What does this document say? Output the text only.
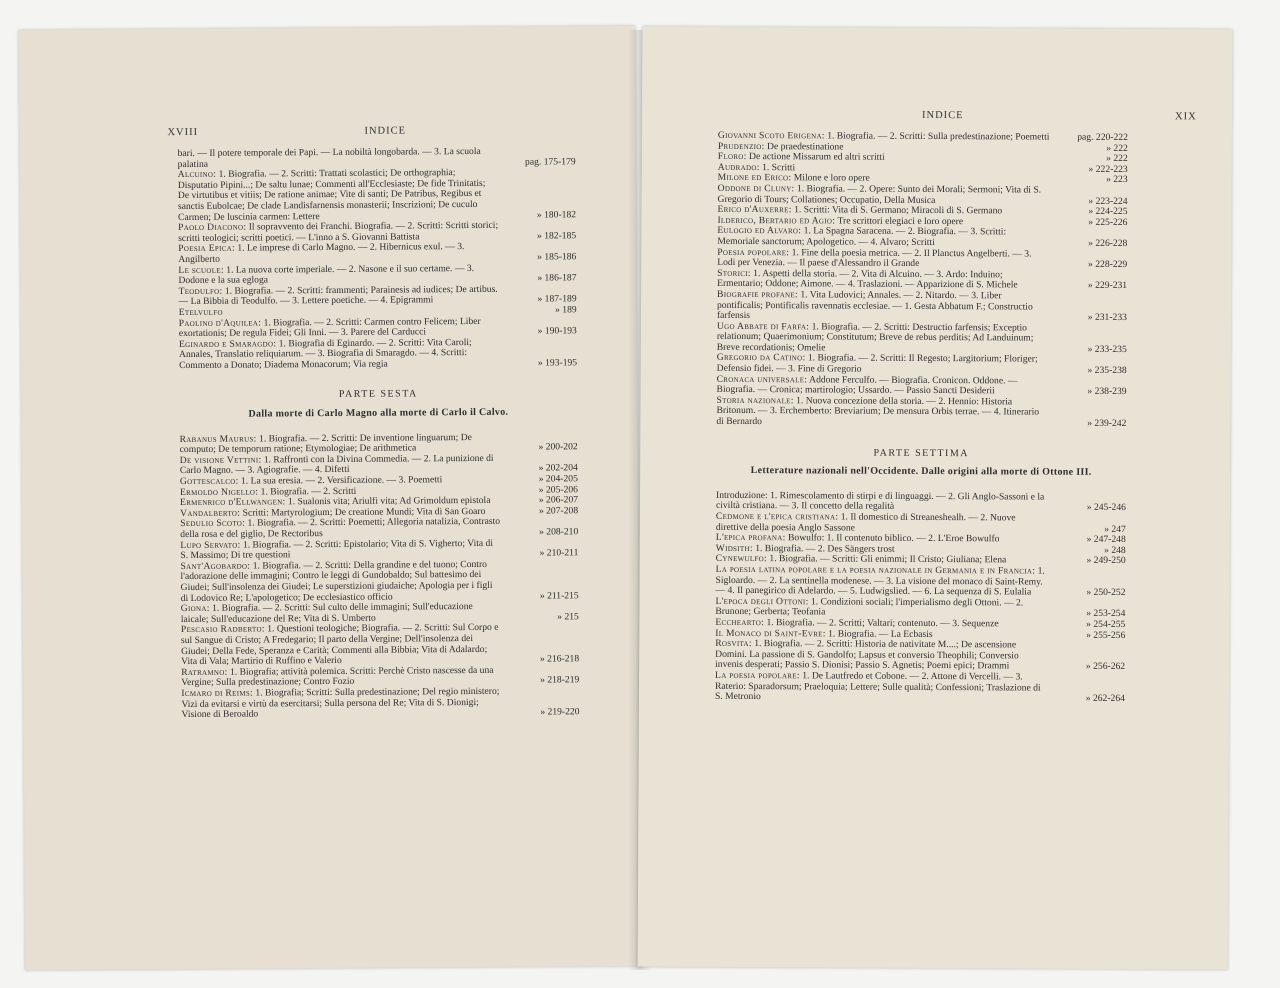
XVIII	INDICE
bari. — Il potere temporale dei Papi. — La nobiltà longobarda. — 3. La scuola palatina	pag. 175-179
Alcuino: 1. Biografia. — 2. Scritti: Trattati scolastici; De orthographia; Disputatio Pipini...; De saltu lunae; Commenti all'Ecclesiaste; De fide Trinitatis; De virtutibus et vitiis; De ratione animae; Vite di santi; De Patribus, Regibus et sanctis Eubolcae; De clade Landisfarnensis monasterii; Inscrizioni; De cuculo Carmen; De luscinia carmen: Lettere	» 180-182
Paolo Diacono: Il sopravvento dei Franchi. Biografia. — 2. Scritti: Scritti storici; scritti teologici; scritti poetici. — L'inno a S. Giovanni Battista	» 182-185
Poesia Epica: 1. Le imprese di Carlo Magno. — 2. Hibernicus exul. — 3. Angilberto	» 185-186
Le scuole: 1. La nuova corte imperiale. — 2. Nasone e il suo certame. — 3. Dodone e la sua egloga	» 186-187
Teodulfo: 1. Biografia. — 2. Scritti: frammenti; Parainesis ad iudices; De artibus. — La Bibbia di Teodulfo. — 3. Lettere poetiche. — 4. Epigrammi	» 187-189
Etelvulfo	» 189
Paolino d'Aquilea: 1. Biografia. — 2. Scritti: Carmen contro Felicem; Liber exortationis; De regula Fidei; Gli Inni. — 3. Parere del Carducci	» 190-193
Eginardo e Smaragdo: 1. Biografia di Eginardo. — 2. Scritti: Vita Caroli; Annales, Translatio reliquiarum. — 3. Biografia di Smaragdo. — 4. Scritti: Commento a Donato; Diadema Monacorum; Via regia	» 193-195
PARTE SESTA
Dalla morte di Carlo Magno alla morte di Carlo il Calvo.
Rabanus Maurus: 1. Biografia. — 2. Scritti: De inventione linguarum; De computo; De temporum ratione; Etymologiae; De arithmetica	» 200-202
De visione Vettini: 1. Raffronti con la Divina Commedia. — 2. La punizione di Carlo Magno. — 3. Agiografie. — 4. Difetti	» 202-204
Gottescalco: 1. La sua eresia. — 2. Versificazione. — 3. Poemetti	» 204-205
Ermoldo Nigello: 1. Biografia. — 2. Scritti	» 205-206
Ermenrico d'Ellwangen: 1. Sualonis vita; Ariulfi vita; Ad Grimoldum epistola	» 206-207
Vandalberto: Scritti: Martyrologium; De creatione Mundi; Vita di San Goaro	» 207-208
Sedulio Scoto: 1. Biografia. — 2. Scritti: Poemetti; Allegoria natalizia, Contrasto della rosa e del giglio, De Rectoribus	» 208-210
Lupo Servato: 1. Biografia. — 2. Scritti: Epistolario; Vita di S. Vigherto; Vita di S. Massimo; Di tre questioni	» 210-211
Sant'Agobardo: 1. Biografia. — 2. Scritti: Della grandine e del tuono; Contro l'adorazione delle immagini; Contro le leggi di Gundobaldo; Sul battesimo dei Giudei; Sull'insolenza dei Giudei; Le superstizioni giudaiche; Apologia per i figli di Lodovico Re; L'apologetico; De ecclesiastico officio	» 211-215
Giona: 1. Biografia. — 2. Scritti: Sul culto delle immagini; Sull'educazione laicale; Sull'educazione del Re; Vita di S. Umberto	» 215
Pescasio Radberto: 1. Questioni teologiche; Biografia. — 2. Scritti: Sul Corpo e sul Sangue di Cristo; A Fredegario; Il parto della Vergine; Dell'insolenza dei Giudei; Della Fede, Speranza e Carità; Commenti alla Bibbia; Vita di Adalardo; Vita di Vala; Martirio di Ruffino e Valerio	» 216-218
Ratramno: 1. Biografia; attività polemica. Scritti: Perchè Cristo nascesse da una Vergine; Sulla predestinazione; Contro Fozio	» 218-219
Icmaro di Reims: 1. Biografia; Scritti: Sulla predestinazione; Del regio ministero; Vizi da evitarsi e virtù da esercitarsi; Sulla persona del Re; Vita di S. Dionigi; Visione di Beroaldo	» 219-220
INDICE	XIX
Giovanni Scoto Erigena: 1. Biografia. — 2. Scritti: Sulla predestinazione; Poemetti	pag. 220-222
Prudenzio: De praedestinatione	» 222
Floro: De actione Missarum ed altri scritti	» 222
Audrado: 1. Scritti	» 222-223
Milone ed Erico: Milone e loro opere	» 223
Oddone di Cluny: 1. Biografia. — 2. Opere: Sunto dei Morali; Sermoni; Vita di S. Gregorio di Tours; Collationes; Occupatio, Della Musica	» 223-224
Erico d'Auxerre: 1. Scritti: Vita di S. Germano; Miracoli di S. Germano	» 224-225
Ilderico, Bertario ed Agio: Tre scrittori elegiaci e loro opere	» 225-226
Eulogio ed Alvaro: 1. La Spagna Saracena. — 2. Biografia. — 3. Scritti: Memoriale sanctorum; Apologetico. — 4. Alvaro; Scritti	» 226-228
Poesia popolare: 1. Fine della poesia metrica. — 2. Il Planctus Angelberti. — 3. Lodi per Venezia. — Il paese d'Alessandro il Grande	» 228-229
Storici: 1. Aspetti della storia. — 2. Vita di Alcuino. — 3. Ardo: Induino; Ermentario; Oddone; Aimone. — 4. Traslazioni. — Apparizione di S. Michele	» 229-231
Biografie profane: 1. Vita Ludovici; Annales. — 2. Nitardo. — 3. Liber pontificalis; Pontificalis ravennatis ecclesiae. — 1. Gesta Abbatum F.; Constructio farfensis	» 231-233
Ugo Abbate di Farfa: 1. Biografia. — 2. Scritti: Destructio farfensis; Exceptio relationum; Quaerimonium; Constitutum; Breve de rebus perditis; Ad Landuinum; Breve recordationis; Omelie	» 233-235
Gregorio da Catino: 1. Biografia. — 2. Scritti: Il Regesto; Largitorium; Floriger; Defensio fidei. — 3. Fine di Gregorio	» 235-238
Cronaca universale: Addone Ferculfo. — Biografia. Cronicon. Oddone. — Biografia. — Cronica; martirologio; Ussardo. — Passio Sancti Desiderii	» 238-239
Storia nazionale: 1. Nuova concezione della storia. — 2. Hennio: Historia Britonum. — 3. Erchemberto: Breviarium; De mensura Orbis terrae. — 4. Itinerario di Bernardo	» 239-242
PARTE SETTIMA
Letterature nazionali nell'Occidente. Dalle origini alla morte di Ottone III.
Introduzione: 1. Rimescolamento di stirpi e di linguaggi. — 2. Gli Anglo-Sassoni e la civiltà cristiana. — 3. Il concetto della regalità	» 245-246
Cedmone e l'epica cristiana: 1. Il domestico di Streaneshealh. — 2. Nuove direttive della poesia Anglo Sassone	» 247
L'epica profana: Bowulfo: 1. Il contenuto biblico. — 2. L'Eroe Bowulfo	» 247-248
Widsith: 1. Biografia. — 2. Des Sängers trost	» 248
Cynewulfo: 1. Biografia. — Scritti: Gli enimmi; Il Cristo; Giuliana; Elena	» 249-250
La poesia latina popolare e la poesia nazionale in Germania e in Francia: 1. Sigloardo. — 2. La sentinella modenese. — 3. La visione del monaco di Saint-Remy. — 4. Il panegirico di Adelardo. — 5. Ludwigslied. — 6. La sequenza di S. Eulalia	» 250-252
L'epoca degli Ottoni: 1. Condizioni sociali; l'imperialismo degli Ottoni. — 2. Brunone; Gerberta; Teofania	» 253-254
Ecchearto: 1. Biografia. — 2. Scritti; Valtari; contenuto. — 3. Sequenze	» 254-255
Il Monaco di Saint-Evre: 1. Biografia. — La Ecbasis	» 255-256
Rosvita: 1. Biografia. — 2. Scritti: Historia de nativitate M....; De ascensione Domini. La passione di S. Gandolfo; Lapsus et conversio Theophili; Conversio invenis desperati; Passio S. Dionisi; Passio S. Agnetis; Poemi epici; Drammi	» 256-262
La poesia popolare: 1. De Lautfredo et Cobone. — 2. Attone di Vercelli. — 3. Raterio: Sparadorsum; Praeloquia; Lettere; Sulle qualità; Confessioni; Traslazione di S. Metronio	» 262-264
